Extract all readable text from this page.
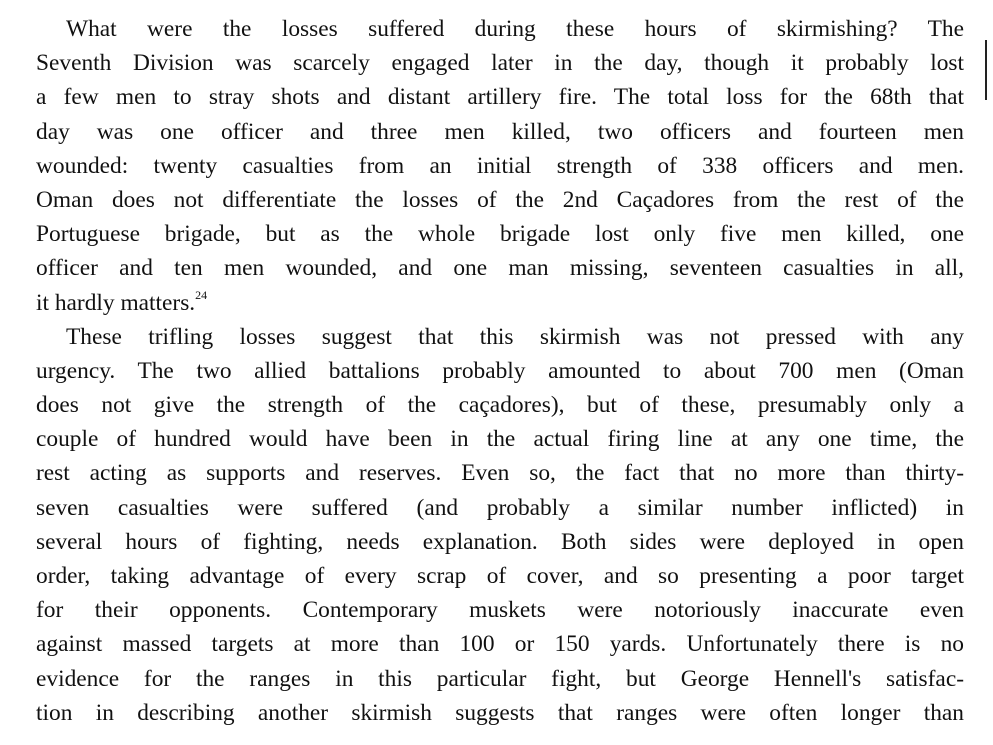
What were the losses suffered during these hours of skirmishing? The
Seventh Division was scarcely engaged later in the day, though it probably lost
a few men to stray shots and distant artillery fire. The total loss for the 68th that
day was one officer and three men killed, two officers and fourteen men
wounded: twenty casualties from an initial strength of 338 officers and men.
Oman does not differentiate the losses of the 2nd Caçadores from the rest of the
Portuguese brigade, but as the whole brigade lost only five men killed, one
officer and ten men wounded, and one man missing, seventeen casualties in all,
it hardly matters.$^{24}$

These trifling losses suggest that this skirmish was not pressed with any
urgency. The two allied battalions probably amounted to about 700 men (Oman
does not give the strength of the caçadores), but of these, presumably only a
couple of hundred would have been in the actual firing line at any one time, the
rest acting as supports and reserves. Even so, the fact that no more than thirty-
seven casualties were suffered (and probably a similar number inflicted) in
several hours of fighting, needs explanation. Both sides were deployed in open
order, taking advantage of every scrap of cover, and so presenting a poor target
for their opponents. Contemporary muskets were notoriously inaccurate even
against massed targets at more than 100 or 150 yards. Unfortunately there is no
evidence for the ranges in this particular fight, but George Hennell's satisfac-
tion in describing another skirmish suggests that ranges were often longer than
